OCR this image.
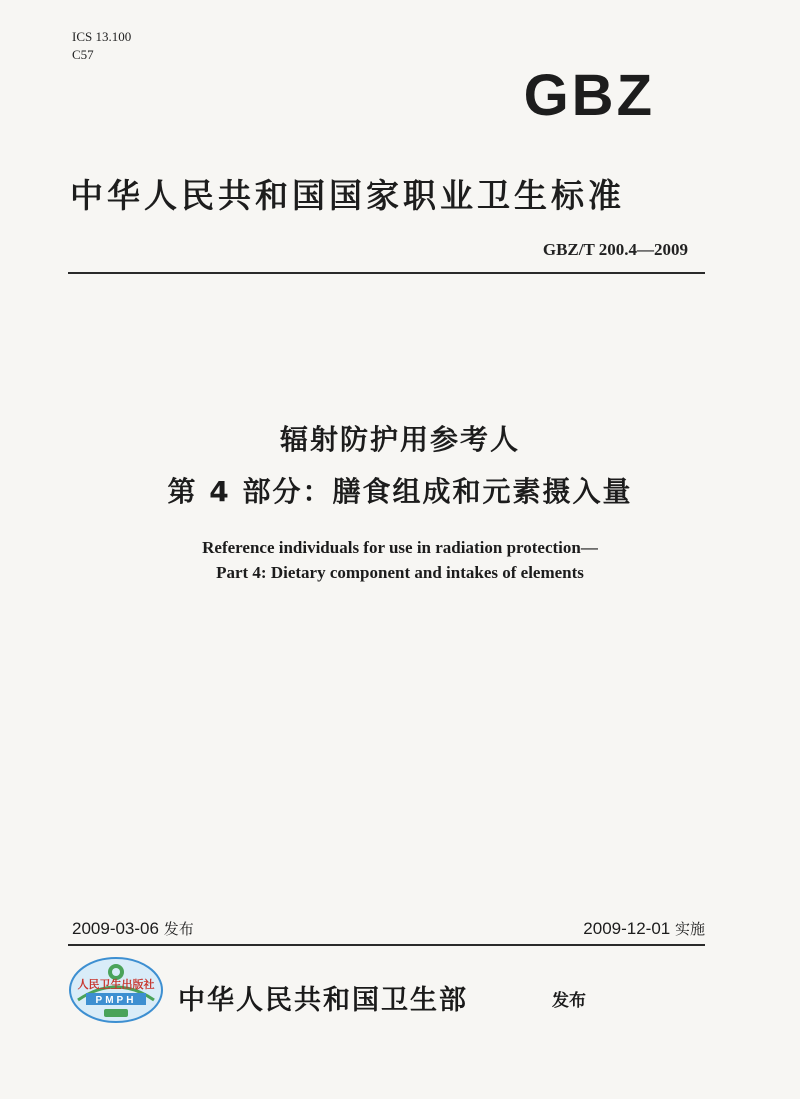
ICS 13.100
C57
GBZ
中华人民共和国国家职业卫生标准
GBZ/T 200.4—2009
辐射防护用参考人
第 4 部分：膳食组成和元素摄入量
Reference individuals for use in radiation protection—
Part 4: Dietary component and intakes of elements
2009-03-06 发布	2009-12-01 实施
人民卫生出版社
PMPH 中华人民共和国卫生部	发布
